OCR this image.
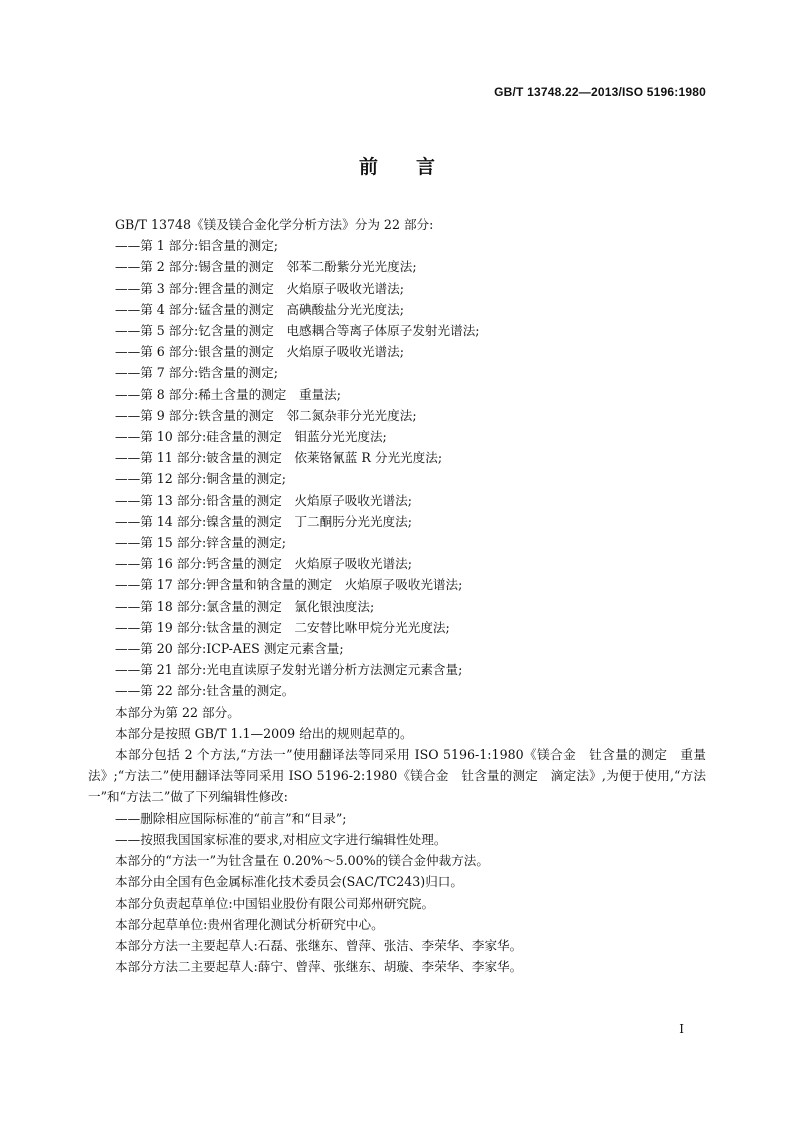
GB/T 13748.22—2013/ISO 5196:1980
前言

GB/T 13748《镁及镁合金化学分析方法》分为 22 部分:

——第 1 部分:铝含量的测定;

——第 2 部分:锡含量的测定　邻苯二酚紫分光光度法;

——第 3 部分:锂含量的测定　火焰原子吸收光谱法;

——第 4 部分:锰含量的测定　高碘酸盐分光光度法;

——第 5 部分:钇含量的测定　电感耦合等离子体原子发射光谱法;

——第 6 部分:银含量的测定　火焰原子吸收光谱法;

——第 7 部分:锆含量的测定;

——第 8 部分:稀土含量的测定　重量法;

——第 9 部分:铁含量的测定　邻二氮杂菲分光光度法;

——第 10 部分:硅含量的测定　钼蓝分光光度法;

——第 11 部分:铍含量的测定　依莱铬氰蓝 R 分光光度法;

——第 12 部分:铜含量的测定;

——第 13 部分:铅含量的测定　火焰原子吸收光谱法;

——第 14 部分:镍含量的测定　丁二酮肟分光光度法;

——第 15 部分:锌含量的测定;

——第 16 部分:钙含量的测定　火焰原子吸收光谱法;

——第 17 部分:钾含量和钠含量的测定　火焰原子吸收光谱法;

——第 18 部分:氯含量的测定　氯化银浊度法;

——第 19 部分:钛含量的测定　二安替比咻甲烷分光光度法;

——第 20 部分:ICP-AES 测定元素含量;

——第 21 部分:光电直读原子发射光谱分析方法测定元素含量;

——第 22 部分:钍含量的测定。

本部分为第 22 部分。

本部分是按照 GB/T 1.1—2009 给出的规则起草的。

本部分包括 2 个方法,“方法一”使用翻译法等同采用 ISO 5196-1:1980《镁合金　钍含量的测定　重量法》;“方法二”使用翻译法等同采用 ISO 5196-2:1980《镁合金　钍含量的测定　滴定法》,为便于使用,“方法一”和“方法二”做了下列编辑性修改:

——删除相应国际标准的“前言”和“目录”;

——按照我国国家标准的要求,对相应文字进行编辑性处理。

本部分的“方法一”为钍含量在 0.20%～5.00%的镁合金仲裁方法。

本部分由全国有色金属标准化技术委员会(SAC/TC243)归口。

本部分负责起草单位:中国铝业股份有限公司郑州研究院。

本部分起草单位:贵州省理化测试分析研究中心。

本部分方法一主要起草人:石磊、张继东、曾萍、张洁、李荣华、李家华。

本部分方法二主要起草人:薛宁、曾萍、张继东、胡璇、李荣华、李家华。

I
